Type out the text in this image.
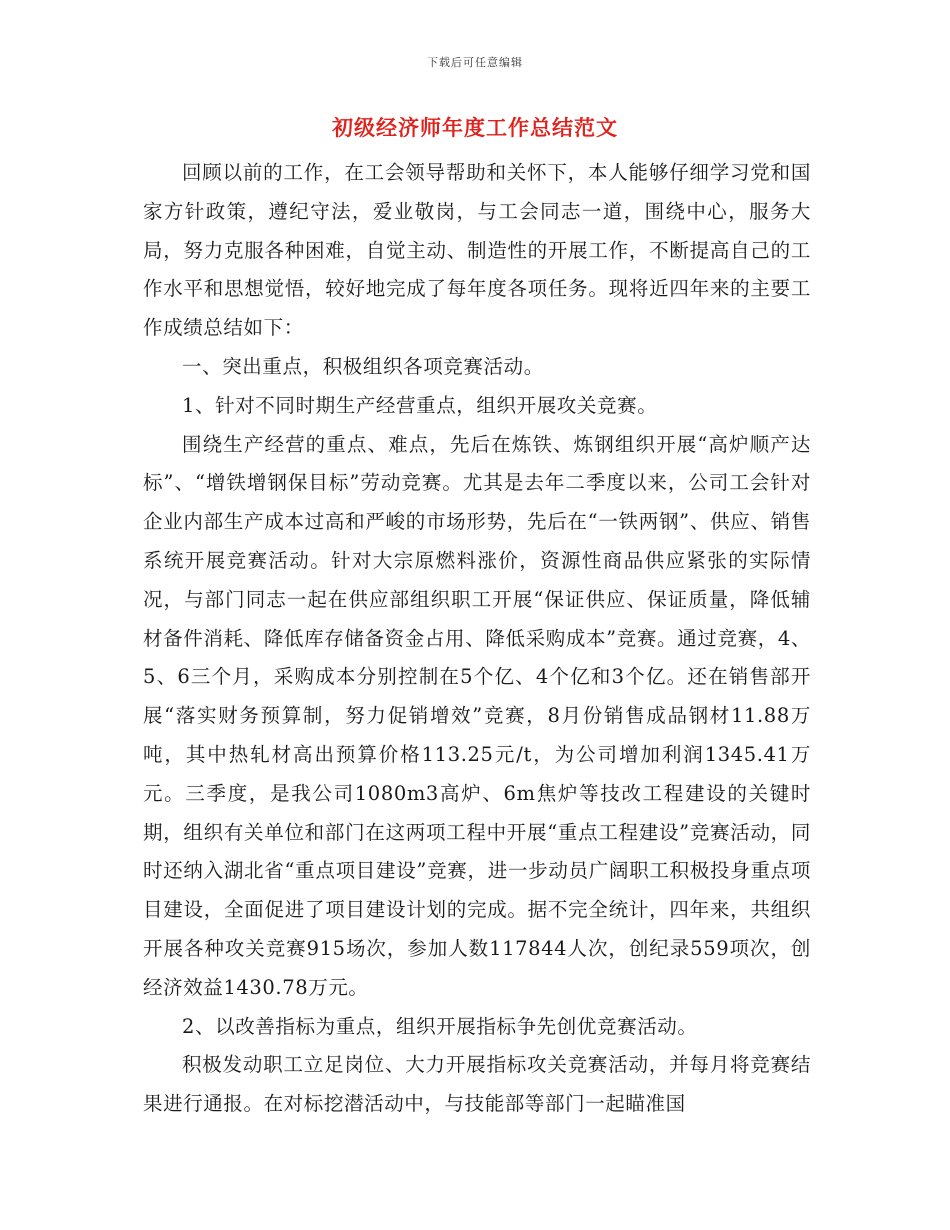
下载后可任意编辑
初级经济师年度工作总结范文

回顾以前的工作，在工会领导帮助和关怀下，本人能够仔细学习党和国家方针政策，遵纪守法，爱业敬岗，与工会同志一道，围绕中心，服务大局，努力克服各种困难，自觉主动、制造性的开展工作，不断提高自己的工作水平和思想觉悟，较好地完成了每年度各项任务。现将近四年来的主要工作成绩总结如下：

一、突出重点，积极组织各项竞赛活动。

1、针对不同时期生产经营重点，组织开展攻关竞赛。

围绕生产经营的重点、难点，先后在炼铁、炼钢组织开展“高炉顺产达标”、“增铁增钢保目标”劳动竞赛。尤其是去年二季度以来，公司工会针对企业内部生产成本过高和严峻的市场形势，先后在“一铁两钢”、供应、销售系统开展竞赛活动。针对大宗原燃料涨价，资源性商品供应紧张的实际情况，与部门同志一起在供应部组织职工开展“保证供应、保证质量，降低辅材备件消耗、降低库存储备资金占用、降低采购成本”竞赛。通过竞赛，4、5、6三个月，采购成本分别控制在5个亿、4个亿和3个亿。还在销售部开展“落实财务预算制，努力促销增效”竞赛，8月份销售成品钢材11.88万吨，其中热轧材高出预算价格113.25元/t，为公司增加利润1345.41万元。三季度，是我公司1080m3高炉、6m焦炉等技改工程建设的关键时期，组织有关单位和部门在这两项工程中开展“重点工程建设”竞赛活动，同时还纳入湖北省“重点项目建设”竞赛，进一步动员广阔职工积极投身重点项目建设，全面促进了项目建设计划的完成。据不完全统计，四年来，共组织开展各种攻关竞赛915场次，参加人数117844人次，创纪录559项次，创经济效益1430.78万元。

2、以改善指标为重点，组织开展指标争先创优竞赛活动。

积极发动职工立足岗位、大力开展指标攻关竞赛活动，并每月将竞赛结果进行通报。在对标挖潜活动中，与技能部等部门一起瞄准国
